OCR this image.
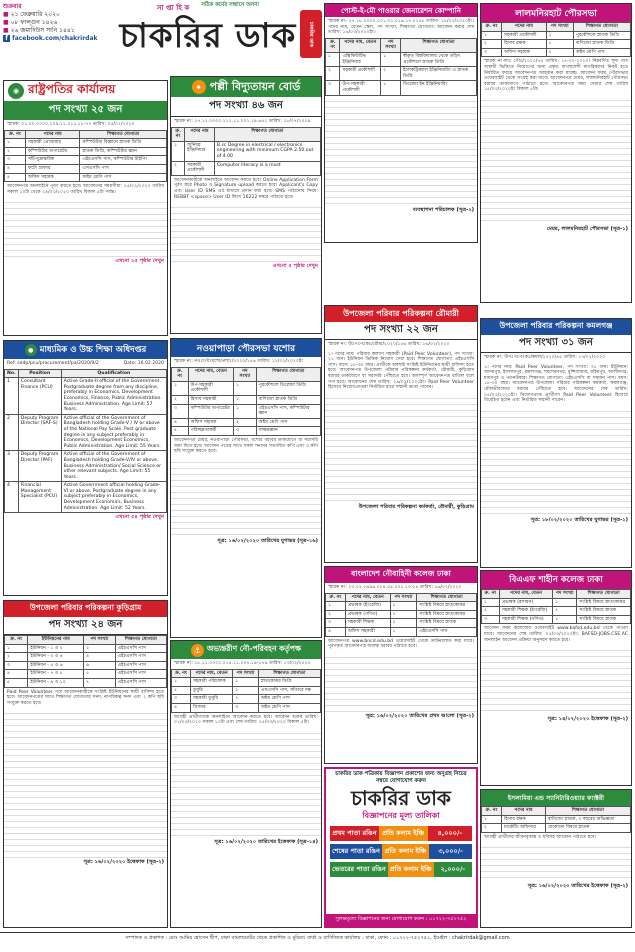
শুক্রবার
■ ২১ ফেব্রুয়ারি ২০২০
■ ০৮ ফাল্গুন ১৪২৬
■ ২৬ জমাদিউস সানি ১৪৪১
f facebook.com/chakrirdak
সা প্তা হি ক সঠিক কর্মের সন্ধানে অনন্য
চাকরির ডাক	চাকরির ডাক
পোস্ট-ই-মৌ পাওয়ার জেনারেশন কোম্পানি
স্মারক নং- ২৭.১৮.০০০০.০০১.৩১.০১৬.১৭.০১৫৮ তারিখ- ১৮/০২/২০২০ইং। পদের নাম, বেতন স্কেল, পদ সংখ্যা, শিক্ষাগত যোগ্যতা। আবেদন করার শেষ তারিখ: ১৬/০৩/২০২০ইং।
ক্র. নং	পদের নাম, বেতন	পদ সংখ্যা	শিক্ষাগত যোগ্যতা
১	এক্সিকিউটিভ ইঞ্জিনিয়ার	১	স্বীকৃত বিশ্ববিদ্যালয় থেকে তড়িৎ প্রকৌশলে স্নাতক ডিগ্রি
২	সহকারী প্রকৌশলী	২	ইলেকট্রিক্যাল ইঞ্জিনিয়ারিং এ স্নাতক ডিগ্রি
৩	উপ-সহকারী প্রকৌশলী	১	ডিপ্লোমা ইন ইঞ্জিনিয়ারিং
ব্যবস্থাপনা পরিচালক (সূত্র-২)
লালমনিরহাট পৌরসভা
ক্র. নং	পদের নাম	পদ সংখ্যা	শিক্ষাগত যোগ্যতা
১	সহকারী প্রকৌশলী	১	পুরকৌশলে স্নাতক ডিগ্রি
২	হিসাব রক্ষক	১	বাণিজ্যে স্নাতক ডিগ্রি
৩	অফিস সহায়ক	২	অষ্টম শ্রেণি পাস
স্মারক নং-লাঃ পৌঃ/২০২০/৭৩ তারিখ: ১৭-০২-২০২০। নিম্নবর্ণিত শূন্য পদে অস্থায়ী ভিত্তিতে নিয়োগের জন্য প্রকৃত বাংলাদেশী নাগরিকদের নিকট হতে নির্ধারিত ফরমে আবেদনপত্র আহবান করা যাচ্ছে। আবেদন ফরম পৌরসভার ওয়েবসাইট থেকে সংগ্রহ করা যাবে। আবেদনপত্র মেয়র, লালমনিরহাট পৌরসভা বরাবর ডাকযোগে পাঠাতে হবে। আবেদনপত্র জমা দেয়ার শেষ তারিখ ১৫/০৩/২০২০ইং বিকাল ৫টা।
মেয়র, লালমনিরহাট পৌরসভা (সূত্র-১)
◉ রাষ্ট্রপতির কার্যালয়
পদ সংখ্যা ২৫ জন
স্মারক: ০১.০০.০০০০.০০৯.১১.০১১.১৮-৭৭ তারিখ: ০৫/০২/২০২০
ক্র. নং	পদের নাম	শিক্ষাগত যোগ্যতা
১	সহকারী প্রোগ্রামার	কম্পিউটার বিজ্ঞানে স্নাতক ডিগ্রি
২	কম্পিউটার অপারেটর	স্নাতক ডিগ্রি, কম্পিউটার জ্ঞান
৩	সাঁট-মুদ্রাক্ষরিক	এইচএসসি পাস, কম্পিউটার টাইপিং
৪	ফটো গ্রাফার	এসএসসি পাস
৫	অফিস সহায়ক	অষ্টম শ্রেণি পাস
আবেদনপত্র অনলাইনে পূরণ করতে হবে। আবেদনের সময়সীমা: ২৫/০২/২০২০ তারিখ সকাল ১০টা থেকে ২৪/০৩/২০২০ তারিখ বিকাল ৫টা পর্যন্ত।
এখনো ২৫ পৃষ্ঠার দেখুন
✦ পল্লী বিদ্যুতায়ন বোর্ড
পদ সংখ্যা ৪৬ জন
স্মারক নং: ২৭.১২.০০০০.২১২.১১.০০১.১৯.৬৫২ তারিখ: ১৮/০৭/২০১৯
ক্র. নং	পদের নাম	শিক্ষাগত যোগ্যতা
১	জুনিয়র ইঞ্জিনিয়ার	B.sc Degree in electrical / electronics engineering with minimum CGPA 2.50 out of 4.00
২	সহকারী প্রকৌশলী	Computer literacy is a must
আবেদনকারীকে অনলাইনে আবেদন করতে হবে। Online Application Form পূরণ করে Photo ও Signature upload করতে হবে। Applicant's Copy এবং User ID SMS এর মাধ্যমে প্রদান করা হবে। SMS পাঠানোর নিয়ম: REBBT <space> User ID লিখে 16222 নম্বরে পাঠাতে হবে।
এখনো ৫ পৃষ্ঠার দেখুন
উপজেলা পরিবার পরিকল্পনা রৌমারী
পদ সংখ্যা ২২ জন
স্মারক নং: উঃপঃপঃকঃ/রৌমা/২০২০/১৫৬ তারিখ: ১৬/০২/২০২০
১। পদের নাম: পরিবার কল্যাণ সহকারী (Paid Peer Volunteer), পদ সংখ্যা: ২২ জন। ইউনিয়ন ভিত্তিক নিয়োগ দেয়া হবে। শিক্ষাগত যোগ্যতা: এইচএসসি পাস। বয়স: ১৮-৩০ বছর। প্রার্থীকে অবশ্যই সংশ্লিষ্ট ইউনিয়নের স্থায়ী বাসিন্দা হতে হবে। আবেদনপত্র উপজেলা পরিবার পরিকল্পনা কর্মকর্তা, রৌমারী, কুড়িগ্রাম বরাবর ডাকযোগে বা সরাসরি পৌঁছাতে হবে। অসম্পূর্ণ আবেদনপত্র বাতিল বলে গণ্য হবে। আবেদনের শেষ তারিখ: ২৯/০২/২০২০ইং। Paid Peer Volunteer হিসেবে নিয়োগপ্রাপ্তরা নির্ধারিত হারে সম্মানী ভাতা পাবেন।
উপজেলা পরিবার পরিকল্পনা কর্মকর্তা, রৌমারী, কুড়িগ্রাম
উপজেলা পরিবার পরিকল্পনা কমলগঞ্জ
পদ সংখ্যা ৩১ জন
স্মারক নং: উপঃপঃপঃকঃ/কমল/২০২০/৪৫ তারিখ: ১৭/০২/২০২০
১। পদের নাম: Paid Peer Volunteer, পদ সংখ্যা: ৩১ জন। ইউনিয়ন: আদমপুর, ইসলামপুর, কমলগঞ্জ, শমশেরনগর, মুন্সিবাজার, রহিমপুর, আলীনগর, মাধবপুর ও পতনউষার। শিক্ষাগত যোগ্যতা: এইচএসসি বা সমমান পাস। বয়স: ১৮-৩০ বছর। আবেদনপত্র উপজেলা পরিবার পরিকল্পনা কর্মকর্তা, কমলগঞ্জ, মৌলভীবাজার বরাবর পৌঁছাতে হবে। আবেদনের শেষ তারিখ: ০৫/০৩/২০২০ইং। নিয়োগপ্রাপ্ত প্রার্থীগণ Paid Peer Volunteer হিসেবে বিবেচিত হবেন এবং নির্ধারিত সম্মানী পাবেন।
সূত্র: ১৮/০২/২০২০ তারিখের যুগান্তর (সূত্র-১)
● মাধ্যমিক ও উচ্চ শিক্ষা অধিদপ্তর
Ref: sedp/pcu/procurement/pa/2020/9/2	Date: 16.02.2020
No.	Position	Qualification
1	Consultant Finance (PCU)	Active Grade-II official of the Government. Postgraduate degree from any discipline, preferably in Economics, Development Economics, Finance, Public Administration. Business Administration. Age Limit: 57 Years.
2	Deputy Program Director (SAF-S)	Active official of the Government of Bangladesh holding Grade-V / IV or above of the National Pay Scale. Post graduate degree in any subject preferably in Economics, Development Economics, Public Administration. Age Limit: 55 Years.
3	Deputy Program Director (PAF)	Active official of the Government of Bangladesh holding Grade-V/IV or above. Business Administration/ Social Science or other relevant subjects. Age Limit: 55 Years.
4	Financial Management Specialist (PCU)	Active Government official holding Grade-VI or above. Postgraduate degree in any subject preferably in Economics, Development Economics, Business Administration. Age Limit: 52 Years.
এখনো ৫৪ পৃষ্ঠার দেখুন
নওয়াপাড়া পৌরসভা যশোর
স্মারক নং: নওঃপৌঃযশো/প্রশাঃ/২০২০/১৫৬ তারিখ: ১২/০২/২০২০ইং
ক্র. নং	পদের নাম, বেতন	পদ সংখ্যা	শিক্ষাগত যোগ্যতা
১	উপ-সহকারী প্রকৌশলী	১	পুরকৌশলে ডিপ্লোমা ডিগ্রি
২	হিসাব সহকারী	১	বাণিজ্যে স্নাতক ডিগ্রি
৩	কম্পিউটার অপারেটর	১	এইচএসসি পাস, কম্পিউটার জ্ঞান
৪	অফিস সহায়ক	২	অষ্টম শ্রেণি পাস
৫	পরিচ্ছন্নতাকর্মী	৩	সাক্ষরজ্ঞান
আবেদনপত্র মেয়র, নওয়াপাড়া পৌরসভা, যশোর বরাবর ডাকযোগে বা সরাসরি জমা দিতে হবে। আবেদন পত্রের সাথে সকল সনদের সত্যায়িত কপি এবং ৩ কপি ছবি সংযুক্ত করতে হবে।
সূত্র: ১৬/০২/২০২০ তারিখের যুগান্তর (সূত্র-১৬)
উপজেলা পরিবার পরিকল্পনা কুড়িগ্রাম
পদ সংখ্যা ২৪ জন
ক্র. নং	ইউনিয়নের নাম	পদ সংখ্যা	শিক্ষাগত যোগ্যতা
১	ইউনিয়ন - ১ ও ২	২	এইচএসসি পাস
২	ইউনিয়ন - ৩ ও ৪	৪	এইচএসসি পাস
৩	ইউনিয়ন - ৫ ও ৬	৬	এইচএসসি পাস
৪	ইউনিয়ন - ৭ ও ৮	৫	এইচএসসি পাস
৫	ইউনিয়ন - ৯ ও ১০	৭	এইচএসসি পাস
Paid Peer Volunteer পদে আবেদনকারীকে সংশ্লিষ্ট ইউনিয়নের স্থায়ী বাসিন্দা হতে হবে। আবেদনপত্রের সাথে শিক্ষাগত যোগ্যতার সনদ, নাগরিকত্ব সনদ এবং ২ কপি ছবি সংযুক্ত করতে হবে।
সূত্র: ১৬/০২/২০২০ ইত্তেফাক (সূত্র-২)
⚓ অভ্যন্তরীণ নৌ-পরিবহন কর্তৃপক্ষ
স্মারক নং: ১৮.১১.০০০০.০১৪.১১.০০৭.১৯-১৭৯ তারিখ: ১৩/০২/২০২০
ক্র. নং	পদের নাম, বেতন	পদ সংখ্যা	শিক্ষাগত যোগ্যতা
১	সহকারী পরিচালক	১	স্নাতকোত্তর ডিগ্রি
২	ডুবুরি	২	এসএসসি পাস, সাঁতারে দক্ষ
৩	সহকারী ডুবুরি	২	অষ্টম শ্রেণি পাস
৪	গ্রিজার	৩	অষ্টম শ্রেণি পাস
আগ্রহী প্রার্থীগণকে অনলাইনে আবেদন করতে হবে। আবেদন শুরুর তারিখ: ০১/০৩/২০২০ সকাল ১০টা এবং শেষ তারিখ: ২৫/০৩/২০২০ বিকাল ৫টা।
সূত্র: ১৬/০২/২০২০ তারিখের ইত্তেফাক (সূত্র-১৪)
বাংলাদেশ নৌবাহিনী কলেজ ঢাকা
স্মারক নং: ২৩.০২.২৬৯৬.০১৪.০৫.০০১.২০.২৪ তারিখ: ১৬/০২/২০২০
ক্র. নং	পদের নাম, বেতন	পদ সংখ্যা	শিক্ষাগত যোগ্যতা
১	প্রভাষক (ইংরেজি)	১	সংশ্লিষ্ট বিষয়ে স্নাতকোত্তর
২	প্রভাষক (গণিত)	১	সংশ্লিষ্ট বিষয়ে স্নাতকোত্তর
৩	সহকারী শিক্ষক	২	সংশ্লিষ্ট বিষয়ে স্নাতক
৪	অফিস সহকারী	১	এইচএসসি পাস
আবেদনপত্র www.bncd.edu.bd ওয়েবসাইট থেকে ডাউনলোড করা যাবে। পূরণকৃত আবেদনপত্র অধ্যক্ষ বরাবর পাঠাতে হবে।
সূত্র: ১৬/০২/২০২০ তারিখের প্রথম আলো (সূত্র-২)
চাকরির ডাক পত্রিকায় বিজ্ঞাপন প্রকাশের জন্য অনুগ্রহ নিচের নম্বরে যোগাযোগ করুন
চাকরির ডাক
বিজ্ঞাপনের মূল্য তালিকা
প্রথম পাতা রঙিন প্রতি কলাম ইঞ্চি	৪,০০০/-
শেষের পাতা রঙিন প্রতি কলাম ইঞ্চি	৩,০০০/-
ভেতরের পাতা রঙিন প্রতি কলাম ইঞ্চি	২,০০০/-
সুলভমূল্যে বিজ্ঞাপনের জন্য যোগাযোগ করুন : ০১৭২২-৭৫২৭৫২
বিএএফ শাহীন কলেজ ঢাকা
ক্র. নং	পদের নাম, বেতন	পদ সংখ্যা	শিক্ষাগত যোগ্যতা
১	প্রভাষক (রসায়ন)	১	সংশ্লিষ্ট বিষয়ে স্নাতকোত্তর
২	সহকারী শিক্ষক (ইংরেজি)	২	সংশ্লিষ্ট বিষয়ে স্নাতক
৩	সহকারী শিক্ষক (গণিত)	১	সংশ্লিষ্ট বিষয়ে স্নাতক
আবেদন ফরম কলেজের ওয়েবসাইট www.bafsd.edu.bd থেকে পাওয়া যাবে। আবেদনের শেষ তারিখ: ০৫/০৩/২০২০ইং। BAFSD-JOBS.CSE.AC অনলাইন আবেদন প্রক্রিয়া অনুসরণ করতে হবে।
সূত্র: ১৪/০২/২০২০ ইত্তেফাক (সূত্র-২)
ইসলামিয়া এন্ড স্যানিটারিওয়্যার ফ্যাক্টরী
ক্র. নং	পদের নাম	শিক্ষাগত যোগ্যতা
১	হিসাব রক্ষক	বাণিজ্যে স্নাতক, ৩ বছরের অভিজ্ঞতা
২	মার্কেটিং অফিসার	যেকোনো বিষয়ে স্নাতক
আগ্রহী প্রার্থীদের জীবনবৃত্তান্ত ও ছবিসহ আবেদন পাঠাতে হবে।
সূত্র: ১৬/০২/২০২০ তারিখের ইত্তেফাক (সূত্র-২)
সম্পাদক ও প্রকাশক : মোঃ আমির হোসেন দ্বীপ, ঢাকা বাংলামোটর থেকে প্রকাশিত ও মুদ্রিত। বার্তা ও বাণিজ্যিক কার্যালয় : ঢাকা, ফোন : ০১৭২২-৭৫২৭৫২, ইমেইল : chakrirdak@gmail.com
